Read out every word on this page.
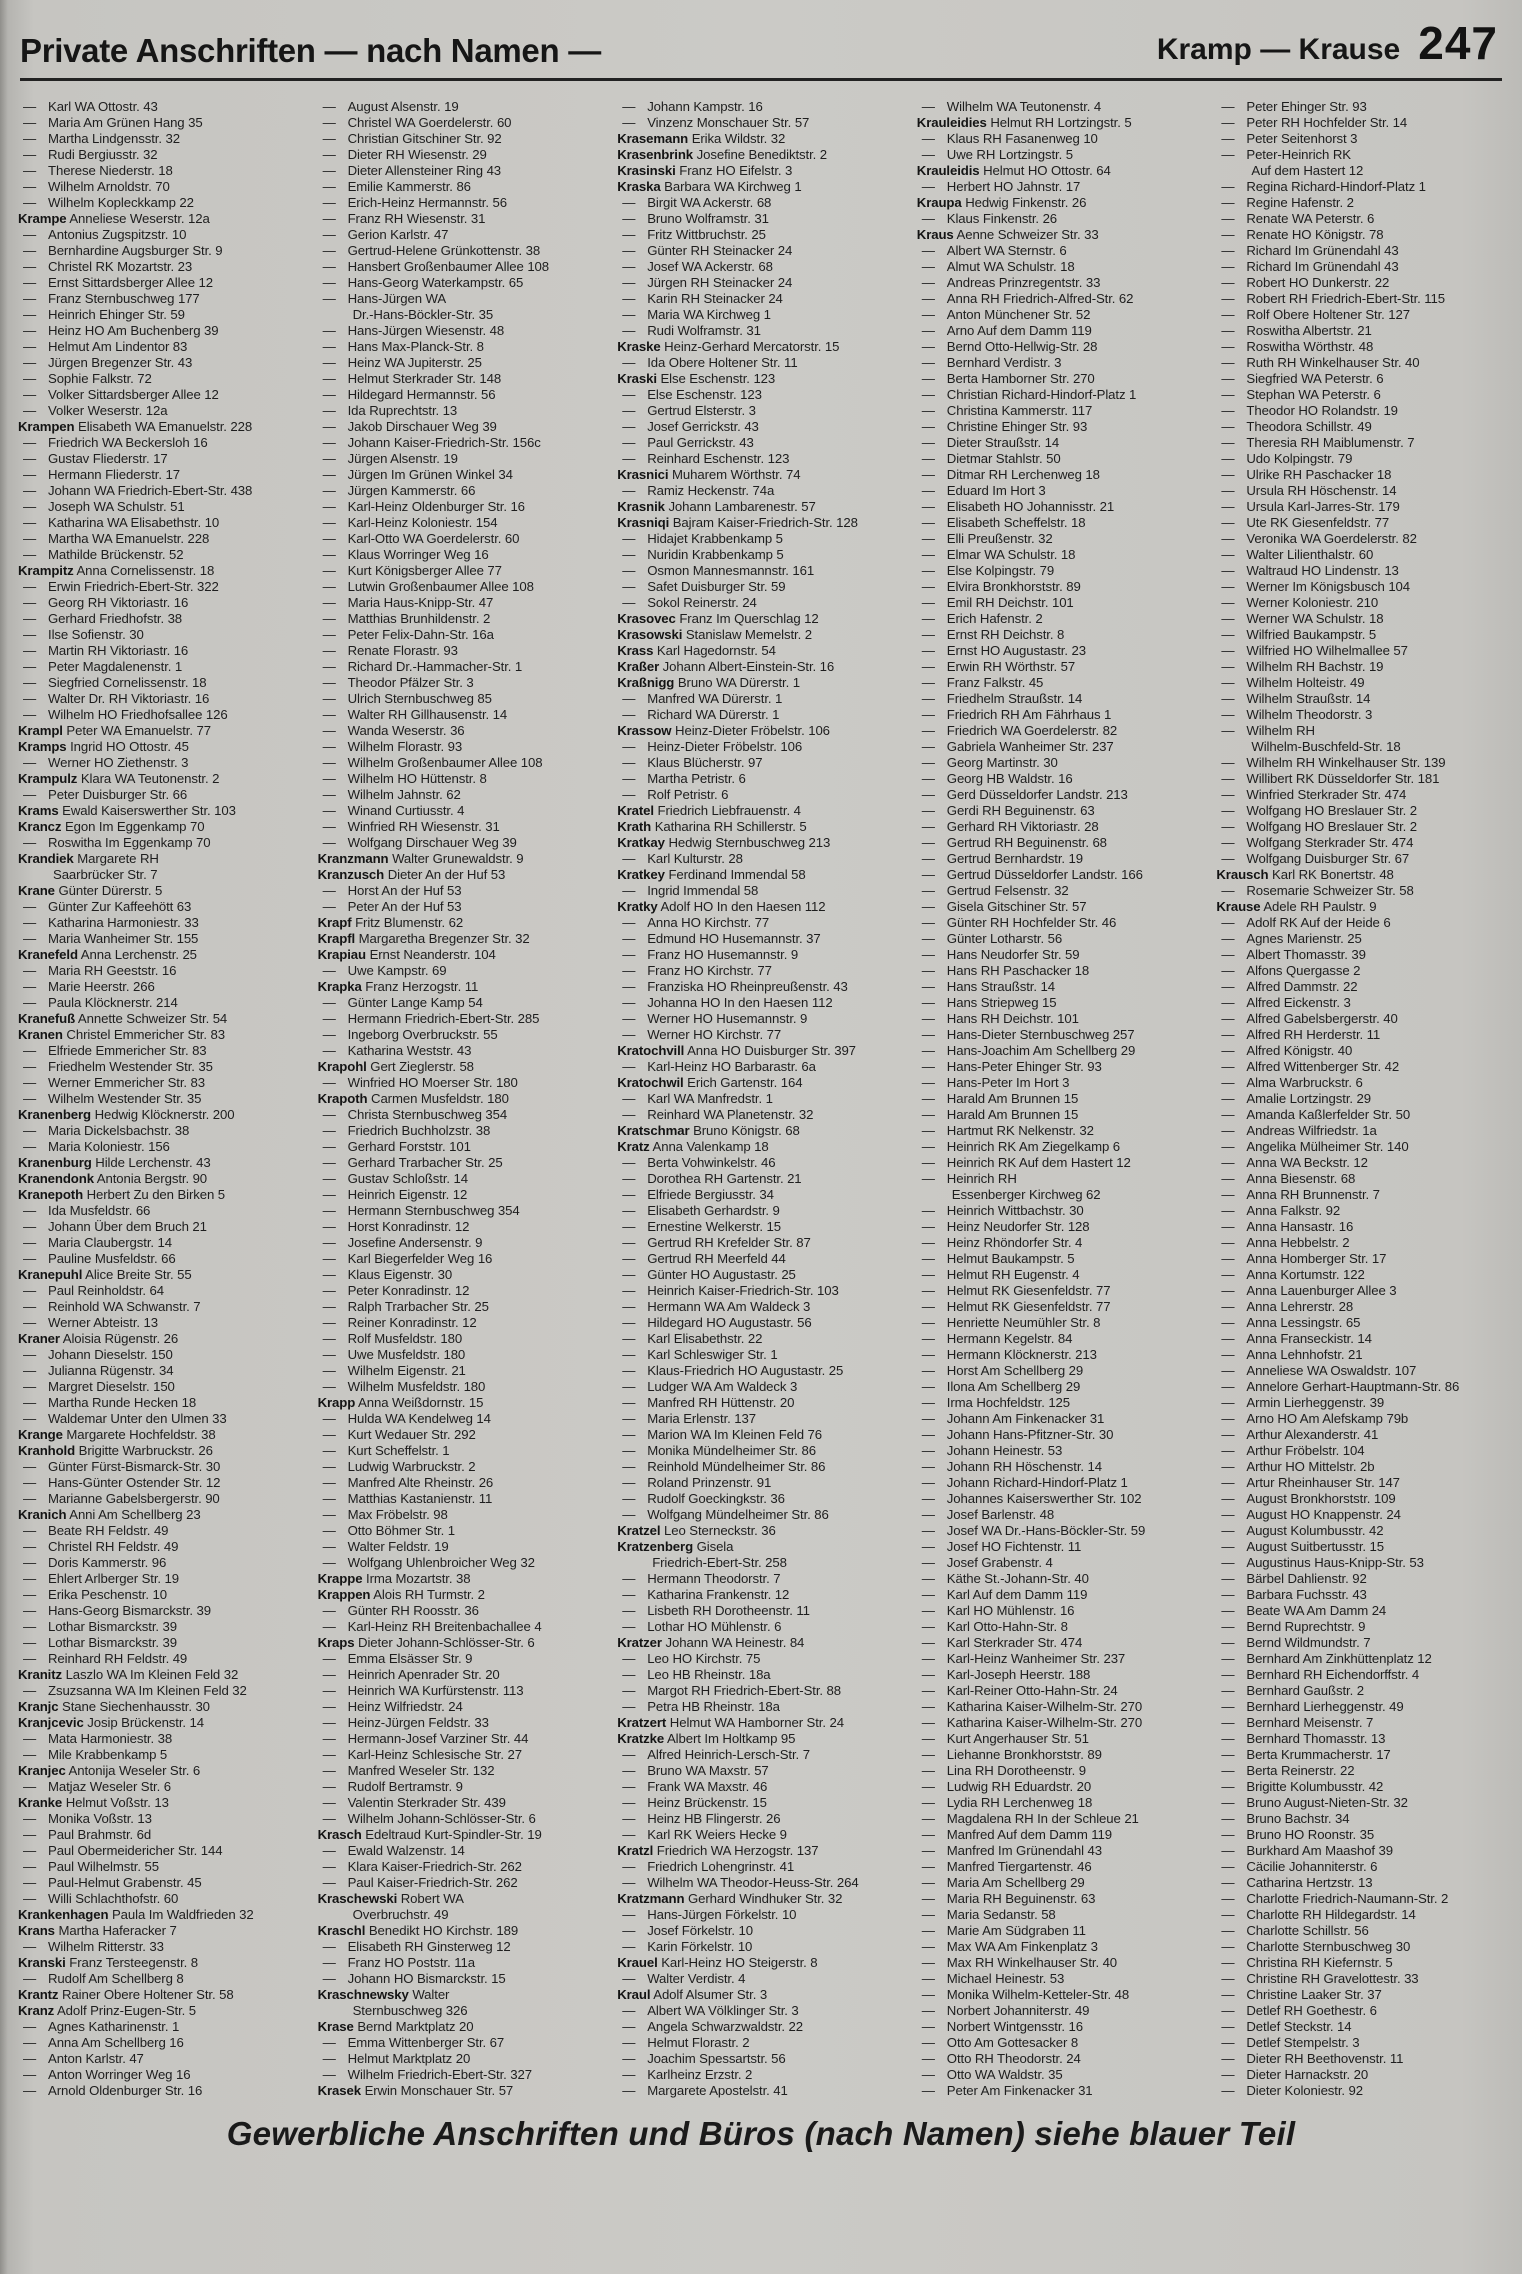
Private Anschriften — nach Namen —	Kramp — Krause 247
— Karl WA Ottostr. 43
— Maria Am Grünen Hang 35
— Martha Lindgensstr. 32
— Rudi Bergiusstr. 32
— Therese Niederstr. 18
— Wilhelm Arnoldstr. 70
— Wilhelm Kopleckkamp 22
Krampe Anneliese Weserstr. 12a
— Antonius Zugspitzstr. 10
— Bernhardine Augsburger Str. 9
— Christel RK Mozartstr. 23
— Ernst Sittardsberger Allee 12
— Franz Sternbuschweg 177
— Heinrich Ehinger Str. 59
— Heinz HO Am Buchenberg 39
— Helmut Am Lindentor 83
— Jürgen Bregenzer Str. 43
— Sophie Falkstr. 72
— Volker Sittardsberger Allee 12
— Volker Weserstr. 12a
Krampen Elisabeth WA Emanuelstr. 228
— Friedrich WA Beckersloh 16
— Gustav Fliederstr. 17
— Hermann Fliederstr. 17
— Johann WA Friedrich-Ebert-Str. 438
— Joseph WA Schulstr. 51
— Katharina WA Elisabethstr. 10
— Martha WA Emanuelstr. 228
— Mathilde Brückenstr. 52
Krampitz Anna Cornelissenstr. 18
— Erwin Friedrich-Ebert-Str. 322
— Georg RH Viktoriastr. 16
— Gerhard Friedhofstr. 38
— Ilse Sofienstr. 30
— Martin RH Viktoriastr. 16
— Peter Magdalenenstr. 1
— Siegfried Cornelissenstr. 18
— Walter Dr. RH Viktoriastr. 16
— Wilhelm HO Friedhofsallee 126
Krampl Peter WA Emanuelstr. 77
Kramps Ingrid HO Ottostr. 45
— Werner HO Ziethenstr. 3
Krampulz Klara WA Teutonenstr. 2
— Peter Duisburger Str. 66
Krams Ewald Kaiserswerther Str. 103
Krancz Egon Im Eggenkamp 70
— Roswitha Im Eggenkamp 70
Krandiek Margarete RH
Saarbrücker Str. 7
Krane Günter Dürerstr. 5
— Günter Zur Kaffeehött 63
— Katharina Harmoniestr. 33
— Maria Wanheimer Str. 155
Kranefeld Anna Lerchenstr. 25
— Maria RH Geeststr. 16
— Marie Heerstr. 266
— Paula Klöcknerstr. 214
Kranefuß Annette Schweizer Str. 54
Kranen Christel Emmericher Str. 83
— Elfriede Emmericher Str. 83
— Friedhelm Westender Str. 35
— Werner Emmericher Str. 83
— Wilhelm Westender Str. 35
Kranenberg Hedwig Klöcknerstr. 200
— Maria Dickelsbachstr. 38
— Maria Koloniestr. 156
Kranenburg Hilde Lerchenstr. 43
Kranendonk Antonia Bergstr. 90
Kranepoth Herbert Zu den Birken 5
— Ida Musfeldstr. 66
— Johann Über dem Bruch 21
— Maria Claubergstr. 14
— Pauline Musfeldstr. 66
Kranepuhl Alice Breite Str. 55
— Paul Reinholdstr. 64
— Reinhold WA Schwanstr. 7
— Werner Abteistr. 13
Kraner Aloisia Rügenstr. 26
— Johann Dieselstr. 150
— Julianna Rügenstr. 34
— Margret Dieselstr. 150
— Martha Runde Hecken 18
— Waldemar Unter den Ulmen 33
Krange Margarete Hochfeldstr. 38
Kranhold Brigitte Warbruckstr. 26
— Günter Fürst-Bismarck-Str. 30
— Hans-Günter Ostender Str. 12
— Marianne Gabelsbergerstr. 90
Kranich Anni Am Schellberg 23
— Beate RH Feldstr. 49
— Christel RH Feldstr. 49
— Doris Kammerstr. 96
— Ehlert Arlberger Str. 19
— Erika Peschenstr. 10
— Hans-Georg Bismarckstr. 39
— Lothar Bismarckstr. 39
— Lothar Bismarckstr. 39
— Reinhard RH Feldstr. 49
Kranitz Laszlo WA Im Kleinen Feld 32
— Zsuzsanna WA Im Kleinen Feld 32
Kranjc Stane Siechenhausstr. 30
Kranjcevic Josip Brückenstr. 14
— Mata Harmoniestr. 38
— Mile Krabbenkamp 5
Kranjec Antonija Weseler Str. 6
— Matjaz Weseler Str. 6
Kranke Helmut Voßstr. 13
— Monika Voßstr. 13
— Paul Brahmstr. 6d
— Paul Obermeidericher Str. 144
— Paul Wilhelmstr. 55
— Paul-Helmut Grabenstr. 45
— Willi Schlachthofstr. 60
Krankenhagen Paula Im Waldfrieden 32
Krans Martha Haferacker 7
— Wilhelm Ritterstr. 33
Kranski Franz Tersteegenstr. 8
— Rudolf Am Schellberg 8
Krantz Rainer Obere Holtener Str. 58
Kranz Adolf Prinz-Eugen-Str. 5
— Agnes Katharinenstr. 1
— Anna Am Schellberg 16
— Anton Karlstr. 47
— Anton Worringer Weg 16
— Arnold Oldenburger Str. 16
— August Alsenstr. 19
— Christel WA Goerdelerstr. 60
— Christian Gitschiner Str. 92
— Dieter RH Wiesenstr. 29
— Dieter Allensteiner Ring 43
— Emilie Kammerstr. 86
— Erich-Heinz Hermannstr. 56
— Franz RH Wiesenstr. 31
— Gerion Karlstr. 47
— Gertrud-Helene Grünkottenstr. 38
— Hansbert Großenbaumer Allee 108
— Hans-Georg Waterkampstr. 65
— Hans-Jürgen WA
Dr.-Hans-Böckler-Str. 35
— Hans-Jürgen Wiesenstr. 48
— Hans Max-Planck-Str. 8
— Heinz WA Jupiterstr. 25
— Helmut Sterkrader Str. 148
— Hildegard Hermannstr. 56
— Ida Ruprechtstr. 13
— Jakob Dirschauer Weg 39
— Johann Kaiser-Friedrich-Str. 156c
— Jürgen Alsenstr. 19
— Jürgen Im Grünen Winkel 34
— Jürgen Kammerstr. 66
— Karl-Heinz Oldenburger Str. 16
— Karl-Heinz Koloniestr. 154
— Karl-Otto WA Goerdelerstr. 60
— Klaus Worringer Weg 16
— Kurt Königsberger Allee 77
— Lutwin Großenbaumer Allee 108
— Maria Haus-Knipp-Str. 47
— Matthias Brunhildenstr. 2
— Peter Felix-Dahn-Str. 16a
— Renate Florastr. 93
— Richard Dr.-Hammacher-Str. 1
— Theodor Pfälzer Str. 3
— Ulrich Sternbuschweg 85
— Walter RH Gillhausenstr. 14
— Wanda Weserstr. 36
— Wilhelm Florastr. 93
— Wilhelm Großenbaumer Allee 108
— Wilhelm HO Hüttenstr. 8
— Wilhelm Jahnstr. 62
— Winand Curtiusstr. 4
— Winfried RH Wiesenstr. 31
— Wolfgang Dirschauer Weg 39
Kranzmann Walter Grunewaldstr. 9
Kranzusch Dieter An der Huf 53
— Horst An der Huf 53
— Peter An der Huf 53
Krapf Fritz Blumenstr. 62
Krapfl Margaretha Bregenzer Str. 32
Krapiau Ernst Neanderstr. 104
— Uwe Kampstr. 69
Krapka Franz Herzogstr. 11
— Günter Lange Kamp 54
— Hermann Friedrich-Ebert-Str. 285
— Ingeborg Overbruckstr. 55
— Katharina Weststr. 43
Krapohl Gert Zieglerstr. 58
— Winfried HO Moerser Str. 180
Krapoth Carmen Musfeldstr. 180
— Christa Sternbuschweg 354
— Friedrich Buchholzstr. 38
— Gerhard Forststr. 101
— Gerhard Trarbacher Str. 25
— Gustav Schloßstr. 14
— Heinrich Eigenstr. 12
— Hermann Sternbuschweg 354
— Horst Konradinstr. 12
— Josefine Andersenstr. 9
— Karl Biegerfelder Weg 16
— Klaus Eigenstr. 30
— Peter Konradinstr. 12
— Ralph Trarbacher Str. 25
— Reiner Konradinstr. 12
— Rolf Musfeldstr. 180
— Uwe Musfeldstr. 180
— Wilhelm Eigenstr. 21
— Wilhelm Musfeldstr. 180
Krapp Anna Weißdornstr. 15
— Hulda WA Kendelweg 14
— Kurt Wedauer Str. 292
— Kurt Scheffelstr. 1
— Ludwig Warbruckstr. 2
— Manfred Alte Rheinstr. 26
— Matthias Kastanienstr. 11
— Max Fröbelstr. 98
— Otto Böhmer Str. 1
— Walter Feldstr. 19
— Wolfgang Uhlenbroicher Weg 32
Krappe Irma Mozartstr. 38
Krappen Alois RH Turmstr. 2
— Günter RH Roosstr. 36
— Karl-Heinz RH Breitenbachallee 4
Kraps Dieter Johann-Schlösser-Str. 6
— Emma Elsässer Str. 9
— Heinrich Apenrader Str. 20
— Heinrich WA Kurfürstenstr. 113
— Heinz Wilfriedstr. 24
— Heinz-Jürgen Feldstr. 33
— Hermann-Josef Varziner Str. 44
— Karl-Heinz Schlesische Str. 27
— Manfred Weseler Str. 132
— Rudolf Bertramstr. 9
— Valentin Sterkrader Str. 439
— Wilhelm Johann-Schlösser-Str. 6
Krasch Edeltraud Kurt-Spindler-Str. 19
— Ewald Walzenstr. 14
— Klara Kaiser-Friedrich-Str. 262
— Paul Kaiser-Friedrich-Str. 262
Kraschewski Robert WA
Overbruchstr. 49
Kraschl Benedikt HO Kirchstr. 189
— Elisabeth RH Ginsterweg 12
— Franz HO Poststr. 11a
— Johann HO Bismarckstr. 15
Kraschnewsky Walter
Sternbuschweg 326
Krase Bernd Marktplatz 20
— Emma Wittenberger Str. 67
— Helmut Marktplatz 20
— Wilhelm Friedrich-Ebert-Str. 327
Krasek Erwin Monschauer Str. 57
— Johann Kampstr. 16
— Vinzenz Monschauer Str. 57
Krasemann Erika Wildstr. 32
Krasenbrink Josefine Benediktstr. 2
Krasinski Franz HO Eifelstr. 3
Kraska Barbara WA Kirchweg 1
— Birgit WA Ackerstr. 68
— Bruno Wolframstr. 31
— Fritz Wittbruchstr. 25
— Günter RH Steinacker 24
— Josef WA Ackerstr. 68
— Jürgen RH Steinacker 24
— Karin RH Steinacker 24
— Maria WA Kirchweg 1
— Rudi Wolframstr. 31
Kraske Heinz-Gerhard Mercatorstr. 15
— Ida Obere Holtener Str. 11
Kraski Else Eschenstr. 123
— Else Eschenstr. 123
— Gertrud Elsterstr. 3
— Josef Gerrickstr. 43
— Paul Gerrickstr. 43
— Reinhard Eschenstr. 123
Krasnici Muharem Wörthstr. 74
— Ramiz Heckenstr. 74a
Krasnik Johann Lambarenestr. 57
Krasniqi Bajram Kaiser-Friedrich-Str. 128
— Hidajet Krabbenkamp 5
— Nuridin Krabbenkamp 5
— Osmon Mannesmannstr. 161
— Safet Duisburger Str. 59
— Sokol Reinerstr. 24
Krasovec Franz Im Querschlag 12
Krasowski Stanislaw Memelstr. 2
Krass Karl Hagedornstr. 54
Kraßer Johann Albert-Einstein-Str. 16
Kraßnigg Bruno WA Dürerstr. 1
— Manfred WA Dürerstr. 1
— Richard WA Dürerstr. 1
Krassow Heinz-Dieter Fröbelstr. 106
— Heinz-Dieter Fröbelstr. 106
— Klaus Blücherstr. 97
— Martha Petristr. 6
— Rolf Petristr. 6
Kratel Friedrich Liebfrauenstr. 4
Krath Katharina RH Schillerstr. 5
Kratkay Hedwig Sternbuschweg 213
— Karl Kulturstr. 28
Kratkey Ferdinand Immendal 58
— Ingrid Immendal 58
Kratky Adolf HO In den Haesen 112
— Anna HO Kirchstr. 77
— Edmund HO Husemannstr. 37
— Franz HO Husemannstr. 9
— Franz HO Kirchstr. 77
— Franziska HO Rheinpreußenstr. 43
— Johanna HO In den Haesen 112
— Werner HO Husemannstr. 9
— Werner HO Kirchstr. 77
Kratochvill Anna HO Duisburger Str. 397
— Karl-Heinz HO Barbarastr. 6a
Kratochwil Erich Gartenstr. 164
— Karl WA Manfredstr. 1
— Reinhard WA Planetenstr. 32
Kratschmar Bruno Königstr. 68
Kratz Anna Valenkamp 18
— Berta Vohwinkelstr. 46
— Dorothea RH Gartenstr. 21
— Elfriede Bergiusstr. 34
— Elisabeth Gerhardstr. 9
— Ernestine Welkerstr. 15
— Gertrud RH Krefelder Str. 87
— Gertrud RH Meerfeld 44
— Günter HO Augustastr. 25
— Heinrich Kaiser-Friedrich-Str. 103
— Hermann WA Am Waldeck 3
— Hildegard HO Augustastr. 56
— Karl Elisabethstr. 22
— Karl Schleswiger Str. 1
— Klaus-Friedrich HO Augustastr. 25
— Ludger WA Am Waldeck 3
— Manfred RH Hüttenstr. 20
— Maria Erlenstr. 137
— Marion WA Im Kleinen Feld 76
— Monika Mündelheimer Str. 86
— Reinhold Mündelheimer Str. 86
— Roland Prinzenstr. 91
— Rudolf Goeckingkstr. 36
— Wolfgang Mündelheimer Str. 86
Kratzel Leo Sterneckstr. 36
Kratzenberg Gisela
Friedrich-Ebert-Str. 258
— Hermann Theodorstr. 7
— Katharina Frankenstr. 12
— Lisbeth RH Dorotheenstr. 11
— Lothar HO Mühlenstr. 6
Kratzer Johann WA Heinestr. 84
— Leo HO Kirchstr. 75
— Leo HB Rheinstr. 18a
— Margot RH Friedrich-Ebert-Str. 88
— Petra HB Rheinstr. 18a
Kratzert Helmut WA Hamborner Str. 24
Kratzke Albert Im Holtkamp 95
— Alfred Heinrich-Lersch-Str. 7
— Bruno WA Maxstr. 57
— Frank WA Maxstr. 46
— Heinz Brückenstr. 15
— Heinz HB Flingerstr. 26
— Karl RK Weiers Hecke 9
Kratzl Friedrich WA Herzogstr. 137
— Friedrich Lohengrinstr. 41
— Wilhelm WA Theodor-Heuss-Str. 264
Kratzmann Gerhard Windhuker Str. 32
— Hans-Jürgen Förkelstr. 10
— Josef Förkelstr. 10
— Karin Förkelstr. 10
Krauel Karl-Heinz HO Steigerstr. 8
— Walter Verdistr. 4
Kraul Adolf Alsumer Str. 3
— Albert WA Völklinger Str. 3
— Angela Schwarzwaldstr. 22
— Helmut Florastr. 2
— Joachim Spessartstr. 56
— Karlheinz Erzstr. 2
— Margarete Apostelstr. 41
— Wilhelm WA Teutonenstr. 4
Krauleidies Helmut RH Lortzingstr. 5
— Klaus RH Fasanenweg 10
— Uwe RH Lortzingstr. 5
Krauleidis Helmut HO Ottostr. 64
— Herbert HO Jahnstr. 17
Kraupa Hedwig Finkenstr. 26
— Klaus Finkenstr. 26
Kraus Aenne Schweizer Str. 33
— Albert WA Sternstr. 6
— Almut WA Schulstr. 18
— Andreas Prinzregentstr. 33
— Anna RH Friedrich-Alfred-Str. 62
— Anton Münchener Str. 52
— Arno Auf dem Damm 119
— Bernd Otto-Hellwig-Str. 28
— Bernhard Verdistr. 3
— Berta Hamborner Str. 270
— Christian Richard-Hindorf-Platz 1
— Christina Kammerstr. 117
— Christine Ehinger Str. 93
— Dieter Straußstr. 14
— Dietmar Stahlstr. 50
— Ditmar RH Lerchenweg 18
— Eduard Im Hort 3
— Elisabeth HO Johannisstr. 21
— Elisabeth Scheffelstr. 18
— Elli Preußenstr. 32
— Elmar WA Schulstr. 18
— Else Kolpingstr. 79
— Elvira Bronkhorststr. 89
— Emil RH Deichstr. 101
— Erich Hafenstr. 2
— Ernst RH Deichstr. 8
— Ernst HO Augustastr. 23
— Erwin RH Wörthstr. 57
— Franz Falkstr. 45
— Friedhelm Straußstr. 14
— Friedrich RH Am Fährhaus 1
— Friedrich WA Goerdelerstr. 82
— Gabriela Wanheimer Str. 237
— Georg Martinstr. 30
— Georg HB Waldstr. 16
— Gerd Düsseldorfer Landstr. 213
— Gerdi RH Beguinenstr. 63
— Gerhard RH Viktoriastr. 28
— Gertrud RH Beguinenstr. 68
— Gertrud Bernhardstr. 19
— Gertrud Düsseldorfer Landstr. 166
— Gertrud Felsenstr. 32
— Gisela Gitschiner Str. 57
— Günter RH Hochfelder Str. 46
— Günter Lotharstr. 56
— Hans Neudorfer Str. 59
— Hans RH Paschacker 18
— Hans Straußstr. 14
— Hans Striepweg 15
— Hans RH Deichstr. 101
— Hans-Dieter Sternbuschweg 257
— Hans-Joachim Am Schellberg 29
— Hans-Peter Ehinger Str. 93
— Hans-Peter Im Hort 3
— Harald Am Brunnen 15
— Harald Am Brunnen 15
— Hartmut RK Nelkenstr. 32
— Heinrich RK Am Ziegelkamp 6
— Heinrich RK Auf dem Hastert 12
— Heinrich RH
Essenberger Kirchweg 62
— Heinrich Wittbachstr. 30
— Heinz Neudorfer Str. 128
— Heinz Rhöndorfer Str. 4
— Helmut Baukampstr. 5
— Helmut RH Eugenstr. 4
— Helmut RK Giesenfeldstr. 77
— Helmut RK Giesenfeldstr. 77
— Henriette Neumühler Str. 8
— Hermann Kegelstr. 84
— Hermann Klöcknerstr. 213
— Horst Am Schellberg 29
— Ilona Am Schellberg 29
— Irma Hochfeldstr. 125
— Johann Am Finkenacker 31
— Johann Hans-Pfitzner-Str. 30
— Johann Heinestr. 53
— Johann RH Höschenstr. 14
— Johann Richard-Hindorf-Platz 1
— Johannes Kaiserswerther Str. 102
— Josef Barlenstr. 48
— Josef WA Dr.-Hans-Böckler-Str. 59
— Josef HO Fichtenstr. 11
— Josef Grabenstr. 4
— Käthe St.-Johann-Str. 40
— Karl Auf dem Damm 119
— Karl HO Mühlenstr. 16
— Karl Otto-Hahn-Str. 8
— Karl Sterkrader Str. 474
— Karl-Heinz Wanheimer Str. 237
— Karl-Joseph Heerstr. 188
— Karl-Reiner Otto-Hahn-Str. 24
— Katharina Kaiser-Wilhelm-Str. 270
— Katharina Kaiser-Wilhelm-Str. 270
— Kurt Angerhauser Str. 51
— Liehanne Bronkhorststr. 89
— Lina RH Dorotheenstr. 9
— Ludwig RH Eduardstr. 20
— Lydia RH Lerchenweg 18
— Magdalena RH In der Schleue 21
— Manfred Auf dem Damm 119
— Manfred Im Grünendahl 43
— Manfred Tiergartenstr. 46
— Maria Am Schellberg 29
— Maria RH Beguinenstr. 63
— Maria Sedanstr. 58
— Marie Am Südgraben 11
— Max WA Am Finkenplatz 3
— Max RH Winkelhauser Str. 40
— Michael Heinestr. 53
— Monika Wilhelm-Ketteler-Str. 48
— Norbert Johanniterstr. 49
— Norbert Wintgensstr. 16
— Otto Am Gottesacker 8
— Otto RH Theodorstr. 24
— Otto WA Waldstr. 35
— Peter Am Finkenacker 31
— Peter Ehinger Str. 93
— Peter RH Hochfelder Str. 14
— Peter Seitenhorst 3
— Peter-Heinrich RK
Auf dem Hastert 12
— Regina Richard-Hindorf-Platz 1
— Regine Hafenstr. 2
— Renate WA Peterstr. 6
— Renate HO Königstr. 78
— Richard Im Grünendahl 43
— Richard Im Grünendahl 43
— Robert HO Dunkerstr. 22
— Robert RH Friedrich-Ebert-Str. 115
— Rolf Obere Holtener Str. 127
— Roswitha Albertstr. 21
— Roswitha Wörthstr. 48
— Ruth RH Winkelhauser Str. 40
— Siegfried WA Peterstr. 6
— Stephan WA Peterstr. 6
— Theodor HO Rolandstr. 19
— Theodora Schillstr. 49
— Theresia RH Maiblumenstr. 7
— Udo Kolpingstr. 79
— Ulrike RH Paschacker 18
— Ursula RH Höschenstr. 14
— Ursula Karl-Jarres-Str. 179
— Ute RK Giesenfeldstr. 77
— Veronika WA Goerdelerstr. 82
— Walter Lilienthalstr. 60
— Waltraud HO Lindenstr. 13
— Werner Im Königsbusch 104
— Werner Koloniestr. 210
— Werner WA Schulstr. 18
— Wilfried Baukampstr. 5
— Wilfried HO Wilhelmallee 57
— Wilhelm RH Bachstr. 19
— Wilhelm Holteistr. 49
— Wilhelm Straußstr. 14
— Wilhelm Theodorstr. 3
— Wilhelm RH
Wilhelm-Buschfeld-Str. 18
— Wilhelm RH Winkelhauser Str. 139
— Willibert RK Düsseldorfer Str. 181
— Winfried Sterkrader Str. 474
— Wolfgang HO Breslauer Str. 2
— Wolfgang HO Breslauer Str. 2
— Wolfgang Sterkrader Str. 474
— Wolfgang Duisburger Str. 67
Krausch Karl RK Bonertstr. 48
— Rosemarie Schweizer Str. 58
Krause Adele RH Paulstr. 9
— Adolf RK Auf der Heide 6
— Agnes Marienstr. 25
— Albert Thomasstr. 39
— Alfons Quergasse 2
— Alfred Dammstr. 22
— Alfred Eickenstr. 3
— Alfred Gabelsbergerstr. 40
— Alfred RH Herderstr. 11
— Alfred Königstr. 40
— Alfred Wittenberger Str. 42
— Alma Warbruckstr. 6
— Amalie Lortzingstr. 29
— Amanda Kaßlerfelder Str. 50
— Andreas Wilfriedstr. 1a
— Angelika Mülheimer Str. 140
— Anna WA Beckstr. 12
— Anna Biesenstr. 68
— Anna RH Brunnenstr. 7
— Anna Falkstr. 92
— Anna Hansastr. 16
— Anna Hebbelstr. 2
— Anna Homberger Str. 17
— Anna Kortumstr. 122
— Anna Lauenburger Allee 3
— Anna Lehrerstr. 28
— Anna Lessingstr. 65
— Anna Franseckistr. 14
— Anna Lehnhofstr. 21
— Anneliese WA Oswaldstr. 107
— Annelore Gerhart-Hauptmann-Str. 86
— Armin Lierheggenstr. 39
— Arno HO Am Alefskamp 79b
— Arthur Alexanderstr. 41
— Arthur Fröbelstr. 104
— Arthur HO Mittelstr. 2b
— Artur Rheinhauser Str. 147
— August Bronkhorststr. 109
— August HO Knappenstr. 24
— August Kolumbusstr. 42
— August Suitbertusstr. 15
— Augustinus Haus-Knipp-Str. 53
— Bärbel Dahlienstr. 92
— Barbara Fuchsstr. 43
— Beate WA Am Damm 24
— Bernd Ruprechtstr. 9
— Bernd Wildmundstr. 7
— Bernhard Am Zinkhüttenplatz 12
— Bernhard RH Eichendorffstr. 4
— Bernhard Gaußstr. 2
— Bernhard Lierheggenstr. 49
— Bernhard Meisenstr. 7
— Bernhard Thomasstr. 13
— Berta Krummacherstr. 17
— Berta Reinerstr. 22
— Brigitte Kolumbusstr. 42
— Bruno August-Nieten-Str. 32
— Bruno Bachstr. 34
— Bruno HO Roonstr. 35
— Burkhard Am Maashof 39
— Cäcilie Johanniterstr. 6
— Catharina Hertzstr. 13
— Charlotte Friedrich-Naumann-Str. 2
— Charlotte RH Hildegardstr. 14
— Charlotte Schillstr. 56
— Charlotte Sternbuschweg 30
— Christina RH Kiefernstr. 5
— Christine RH Gravelottestr. 33
— Christine Laaker Str. 37
— Detlef RH Goethestr. 6
— Detlef Steckstr. 14
— Detlef Stempelstr. 3
— Dieter RH Beethovenstr. 11
— Dieter Harnackstr. 20
— Dieter Koloniestr. 92
Gewerbliche Anschriften und Büros (nach Namen) siehe blauer Teil
